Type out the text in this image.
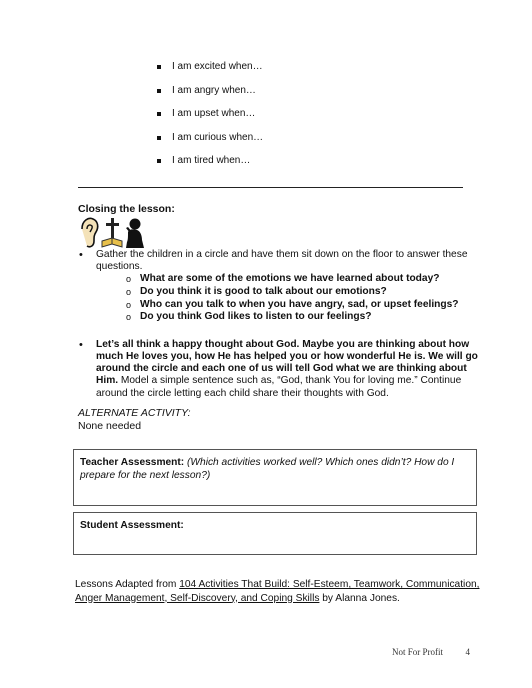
I am excited when…
I am angry when…
I am upset when…
I am curious when…
I am tired when…
Closing the lesson:
• Gather the children in a circle and have them sit down on the floor to answer these questions.
o What are some of the emotions we have learned about today?
o Do you think it is good to talk about our emotions?
o Who can you talk to when you have angry, sad, or upset feelings?
o Do you think God likes to listen to our feelings?
• Let’s all think a happy thought about God. Maybe you are thinking about how much He loves you, how He has helped you or how wonderful He is. We will go around the circle and each one of us will tell God what we are thinking about Him. Model a simple sentence such as, “God, thank You for loving me.” Continue around the circle letting each child share their thoughts with God.
ALTERNATE ACTIVITY:
None needed
Teacher Assessment: (Which activities worked well? Which ones didn’t? How do I prepare for the next lesson?)
Student Assessment:
Lessons Adapted from 104 Activities That Build: Self-Esteem, Teamwork, Communication, Anger Management, Self-Discovery, and Coping Skills by Alanna Jones.
Not For Profit	4
